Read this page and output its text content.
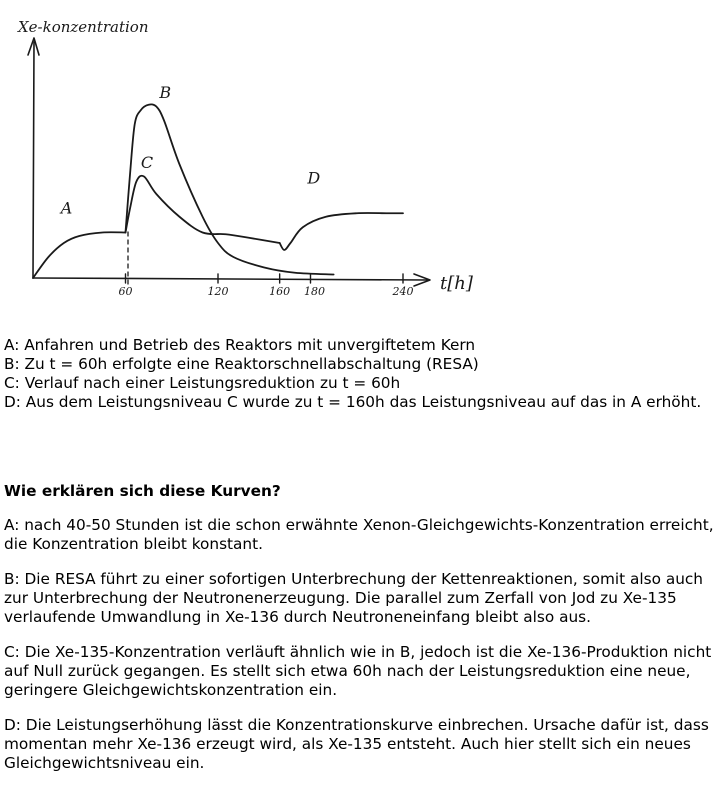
Xe-konzentration
t[h]
60	120	160 180	240
A
B
C
D

A: Anfahren und Betrieb des Reaktors mit unvergiftetem Kern

B: Zu t = 60h erfolgte eine Reaktorschnellabschaltung (RESA)

C: Verlauf nach einer Leistungsreduktion zu t = 60h

D: Aus dem Leistungsniveau C wurde zu t = 160h das Leistungsniveau auf das in A erhöht.

Wie erklären sich diese Kurven?

A: nach 40-50 Stunden ist die schon erwähnte Xenon-Gleichgewichts-Konzentration erreicht, die Konzentration bleibt konstant.

B: Die RESA führt zu einer sofortigen Unterbrechung der Kettenreaktionen, somit also auch zur Unterbrechung der Neutronenerzeugung. Die parallel zum Zerfall von Jod zu Xe-135 verlaufende Umwandlung in Xe-136 durch Neutroneneinfang bleibt also aus.

C: Die Xe-135-Konzentration verläuft ähnlich wie in B, jedoch ist die Xe-136-Produktion nicht auf Null zurück gegangen. Es stellt sich etwa 60h nach der Leistungsreduktion eine neue, geringere Gleichgewichtskonzentration ein.

D: Die Leistungserhöhung lässt die Konzentrationskurve einbrechen. Ursache dafür ist, dass momentan mehr Xe-136 erzeugt wird, als Xe-135 entsteht. Auch hier stellt sich ein neues Gleichgewichtsniveau ein.
